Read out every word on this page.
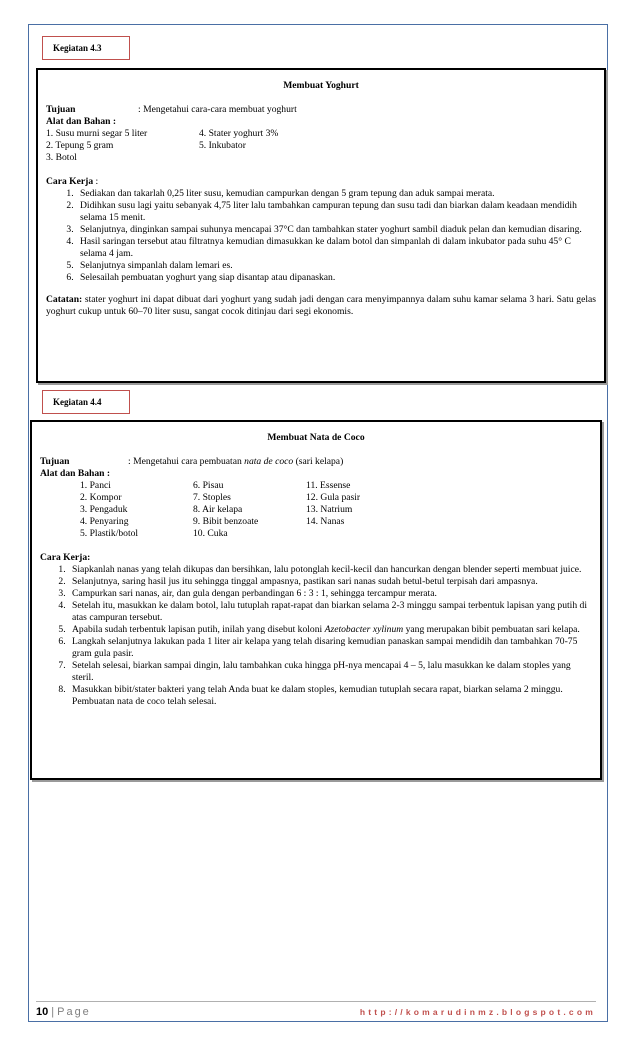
Kegiatan 4.3
Membuat Yoghurt
Tujuan	: Mengetahui cara-cara membuat yoghurt
Alat dan Bahan :
1. Susu murni segar 5 liter
2. Tepung 5 gram
3. Botol
4. Stater yoghurt 3%
5. Inkubator
Cara Kerja :
1. Sediakan dan takarlah 0,25 liter susu, kemudian campurkan dengan 5 gram tepung dan aduk sampai merata.
2. Didihkan susu lagi yaitu sebanyak 4,75 liter lalu tambahkan campuran tepung dan susu tadi dan biarkan dalam keadaan mendidih selama 15 menit.
3. Selanjutnya, dinginkan sampai suhunya mencapai 37°C dan tambahkan stater yoghurt sambil diaduk pelan dan kemudian disaring.
4. Hasil saringan tersebut atau filtratnya kemudian dimasukkan ke dalam botol dan simpanlah di dalam inkubator pada suhu 45° C selama 4 jam.
5. Selanjutnya simpanlah dalam lemari es.
6. Selesailah pembuatan yoghurt yang siap disantap atau dipanaskan.
Catatan: stater yoghurt ini dapat dibuat dari yoghurt yang sudah jadi dengan cara menyimpannya dalam suhu kamar selama 3 hari. Satu gelas yoghurt cukup untuk 60–70 liter susu, sangat cocok ditinjau dari segi ekonomis.
Kegiatan 4.4
Membuat Nata de Coco
Tujuan	: Mengetahui cara pembuatan nata de coco (sari kelapa)
Alat dan Bahan :
1. Panci
2. Kompor
3. Pengaduk
4. Penyaring
5. Plastik/botol
6. Pisau
7. Stoples
8. Air kelapa
9. Bibit benzoate
10. Cuka
11. Essense
12. Gula pasir
13. Natrium
14. Nanas
Cara Kerja:
1. Siapkanlah nanas yang telah dikupas dan bersihkan, lalu potonglah kecil-kecil dan hancurkan dengan blender seperti membuat juice.
2. Selanjutnya, saring hasil jus itu sehingga tinggal ampasnya, pastikan sari nanas sudah betul-betul terpisah dari ampasnya.
3. Campurkan sari nanas, air, dan gula dengan perbandingan 6 : 3 : 1, sehingga tercampur merata.
4. Setelah itu, masukkan ke dalam botol, lalu tutuplah rapat-rapat dan biarkan selama 2-3 minggu sampai terbentuk lapisan yang putih di atas campuran tersebut.
5. Apabila sudah terbentuk lapisan putih, inilah yang disebut koloni Azetobacter xylinum yang merupakan bibit pembuatan sari kelapa.
6. Langkah selanjutnya lakukan pada 1 liter air kelapa yang telah disaring kemudian panaskan sampai mendidih dan tambahkan 70-75 gram gula pasir.
7. Setelah selesai, biarkan sampai dingin, lalu tambahkan cuka hingga pH-nya mencapai 4 – 5, lalu masukkan ke dalam stoples yang steril.
8. Masukkan bibit/stater bakteri yang telah Anda buat ke dalam stoples, kemudian tutuplah secara rapat, biarkan selama 2 minggu. Pembuatan nata de coco telah selesai.
10 | Page	http://komarudinmz.blogspot.com
